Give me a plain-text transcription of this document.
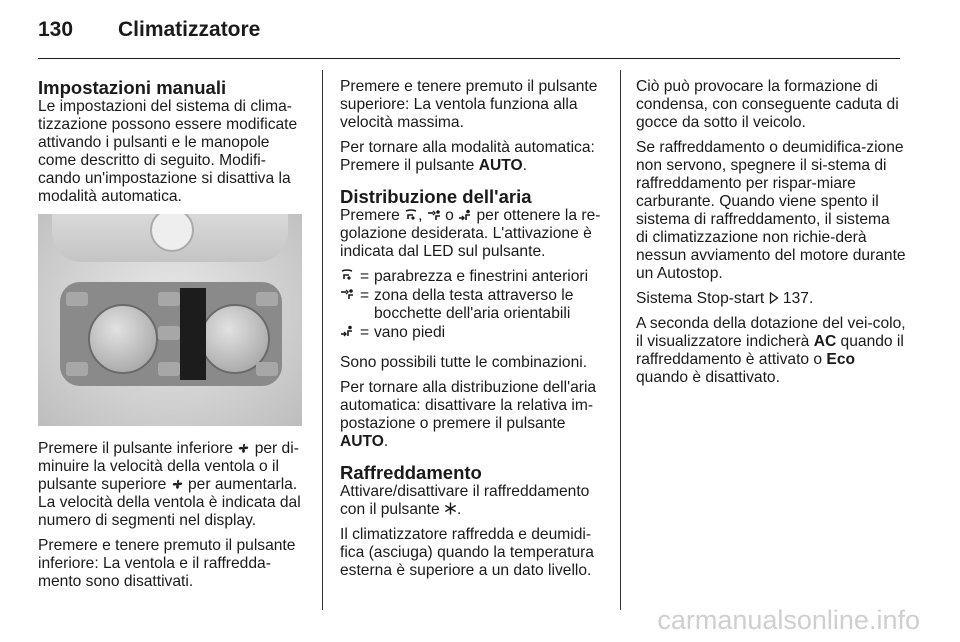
130 Climatizzatore
Impostazioni manuali

Le impostazioni del sistema di clima-tizzazione possono essere modificate attivando i pulsanti e le manopole come descritto di seguito. Modifi-cando un'impostazione si disattiva la modalità automatica.

Premere il pulsante inferiore  per di-minuire la velocità della ventola o il pulsante superiore  per aumentarla. La velocità della ventola è indicata dal numero di segmenti nel display.

Premere e tenere premuto il pulsante inferiore: La ventola e il raffredda-mento sono disattivati.

Premere e tenere premuto il pulsante superiore: La ventola funziona alla velocità massima.

Per tornare alla modalità automatica: Premere il pulsante AUTO.

Distribuzione dell'aria

Premere ,  o  per ottenere la re-golazione desiderata. L'attivazione è indicata dal LED sul pulsante.

= parabrezza e finestrini anteriori
= zona della testa attraverso le bocchette dell'aria orientabili
= vano piedi

Sono possibili tutte le combinazioni.

Per tornare alla distribuzione dell'aria automatica: disattivare la relativa im-postazione o premere il pulsante AUTO.

Raffreddamento

Attivare/disattivare il raffreddamento con il pulsante .

Il climatizzatore raffredda e deumidi-fica (asciuga) quando la temperatura esterna è superiore a un dato livello.

Ciò può provocare la formazione di condensa, con conseguente caduta di gocce da sotto il veicolo.

Se raffreddamento o deumidifica-zione non servono, spegnere il si-stema di raffreddamento per rispar-miare carburante. Quando viene spento il sistema di raffreddamento, il sistema di climatizzazione non richie-derà nessun avviamento del motore durante un Autostop.

Sistema Stop-start  137.

A seconda della dotazione del vei-colo, il visualizzatore indicherà AC quando il raffreddamento è attivato o Eco quando è disattivato.

carmanualsonline.info
